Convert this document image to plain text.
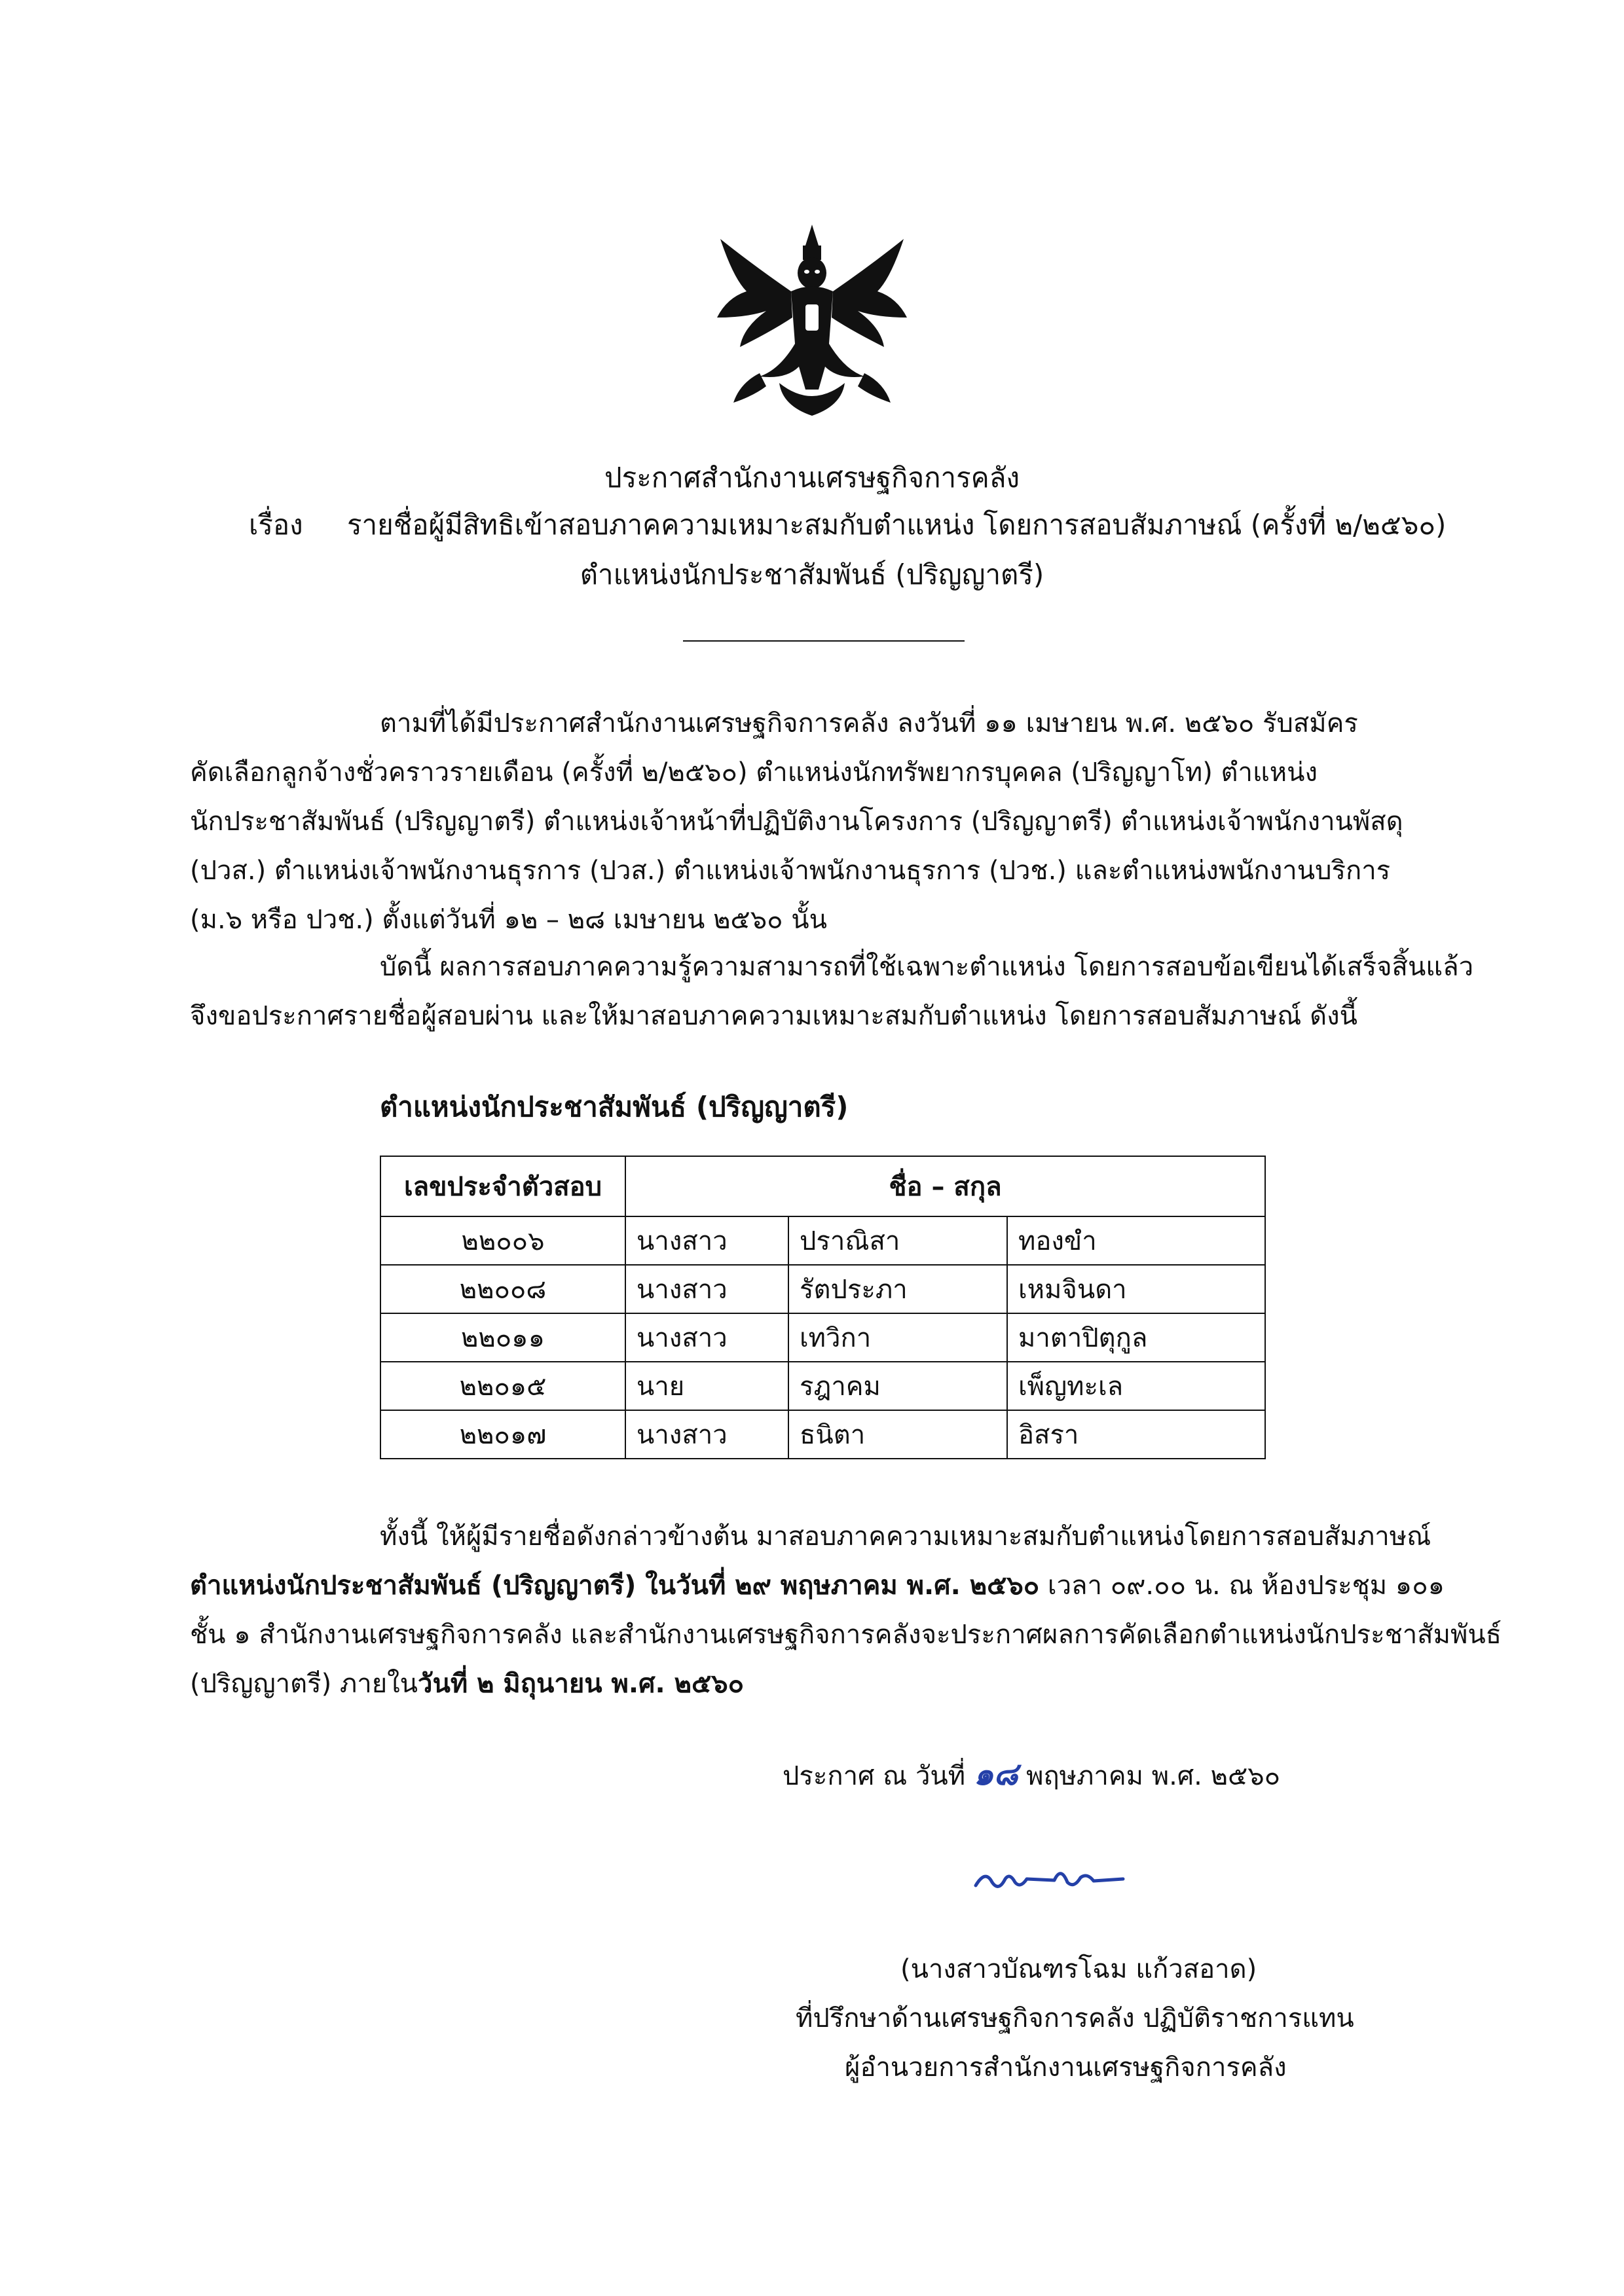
ประกาศสำนักงานเศรษฐกิจการคลัง
เรื่อง รายชื่อผู้มีสิทธิเข้าสอบภาคความเหมาะสมกับตำแหน่ง โดยการสอบสัมภาษณ์ (ครั้งที่ ๒/๒๕๖๐)
ตำแหน่งนักประชาสัมพันธ์ (ปริญญาตรี)
ตามที่ได้มีประกาศสำนักงานเศรษฐกิจการคลัง ลงวันที่ ๑๑ เมษายน พ.ศ. ๒๕๖๐ รับสมัคร
คัดเลือกลูกจ้างชั่วคราวรายเดือน (ครั้งที่ ๒/๒๕๖๐) ตำแหน่งนักทรัพยากรบุคคล (ปริญญาโท) ตำแหน่ง
นักประชาสัมพันธ์ (ปริญญาตรี) ตำแหน่งเจ้าหน้าที่ปฏิบัติงานโครงการ (ปริญญาตรี) ตำแหน่งเจ้าพนักงานพัสดุ
(ปวส.) ตำแหน่งเจ้าพนักงานธุรการ (ปวส.) ตำแหน่งเจ้าพนักงานธุรการ (ปวช.) และตำแหน่งพนักงานบริการ
(ม.๖ หรือ ปวช.) ตั้งแต่วันที่ ๑๒ – ๒๘ เมษายน ๒๕๖๐ นั้น
บัดนี้ ผลการสอบภาคความรู้ความสามารถที่ใช้เฉพาะตำแหน่ง โดยการสอบข้อเขียนได้เสร็จสิ้นแล้ว
จึงขอประกาศรายชื่อผู้สอบผ่าน และให้มาสอบภาคความเหมาะสมกับตำแหน่ง โดยการสอบสัมภาษณ์ ดังนี้
ตำแหน่งนักประชาสัมพันธ์ (ปริญญาตรี)
เลขประจำตัวสอบ	ชื่อ – สกุล		
๒๒๐๐๖	นางสาว	ปราณิสา	ทองขำ
๒๒๐๐๘	นางสาว	รัตประภา	เหมจินดา
๒๒๐๑๑	นางสาว	เทวิกา	มาตาปิตุกูล
๒๒๐๑๕	นาย	รฎาคม	เพ็ญทะเล
๒๒๐๑๗	นางสาว	ธนิตา	อิสรา
ทั้งนี้ ให้ผู้มีรายชื่อดังกล่าวข้างต้น มาสอบภาคความเหมาะสมกับตำแหน่งโดยการสอบสัมภาษณ์
ตำแหน่งนักประชาสัมพันธ์ (ปริญญาตรี) ในวันที่ ๒๙ พฤษภาคม พ.ศ. ๒๕๖๐ เวลา ๐๙.๐๐ น. ณ ห้องประชุม ๑๐๑
ชั้น ๑ สำนักงานเศรษฐกิจการคลัง และสำนักงานเศรษฐกิจการคลังจะประกาศผลการคัดเลือกตำแหน่งนักประชาสัมพันธ์
(ปริญญาตรี) ภายในวันที่ ๒ มิถุนายน พ.ศ. ๒๕๖๐
ประกาศ ณ วันที่ ๑๘ พฤษภาคม พ.ศ. ๒๕๖๐
(นางสาวบัณฑรโฉม แก้วสอาด)
ที่ปรึกษาด้านเศรษฐกิจการคลัง ปฏิบัติราชการแทน
ผู้อำนวยการสำนักงานเศรษฐกิจการคลัง
